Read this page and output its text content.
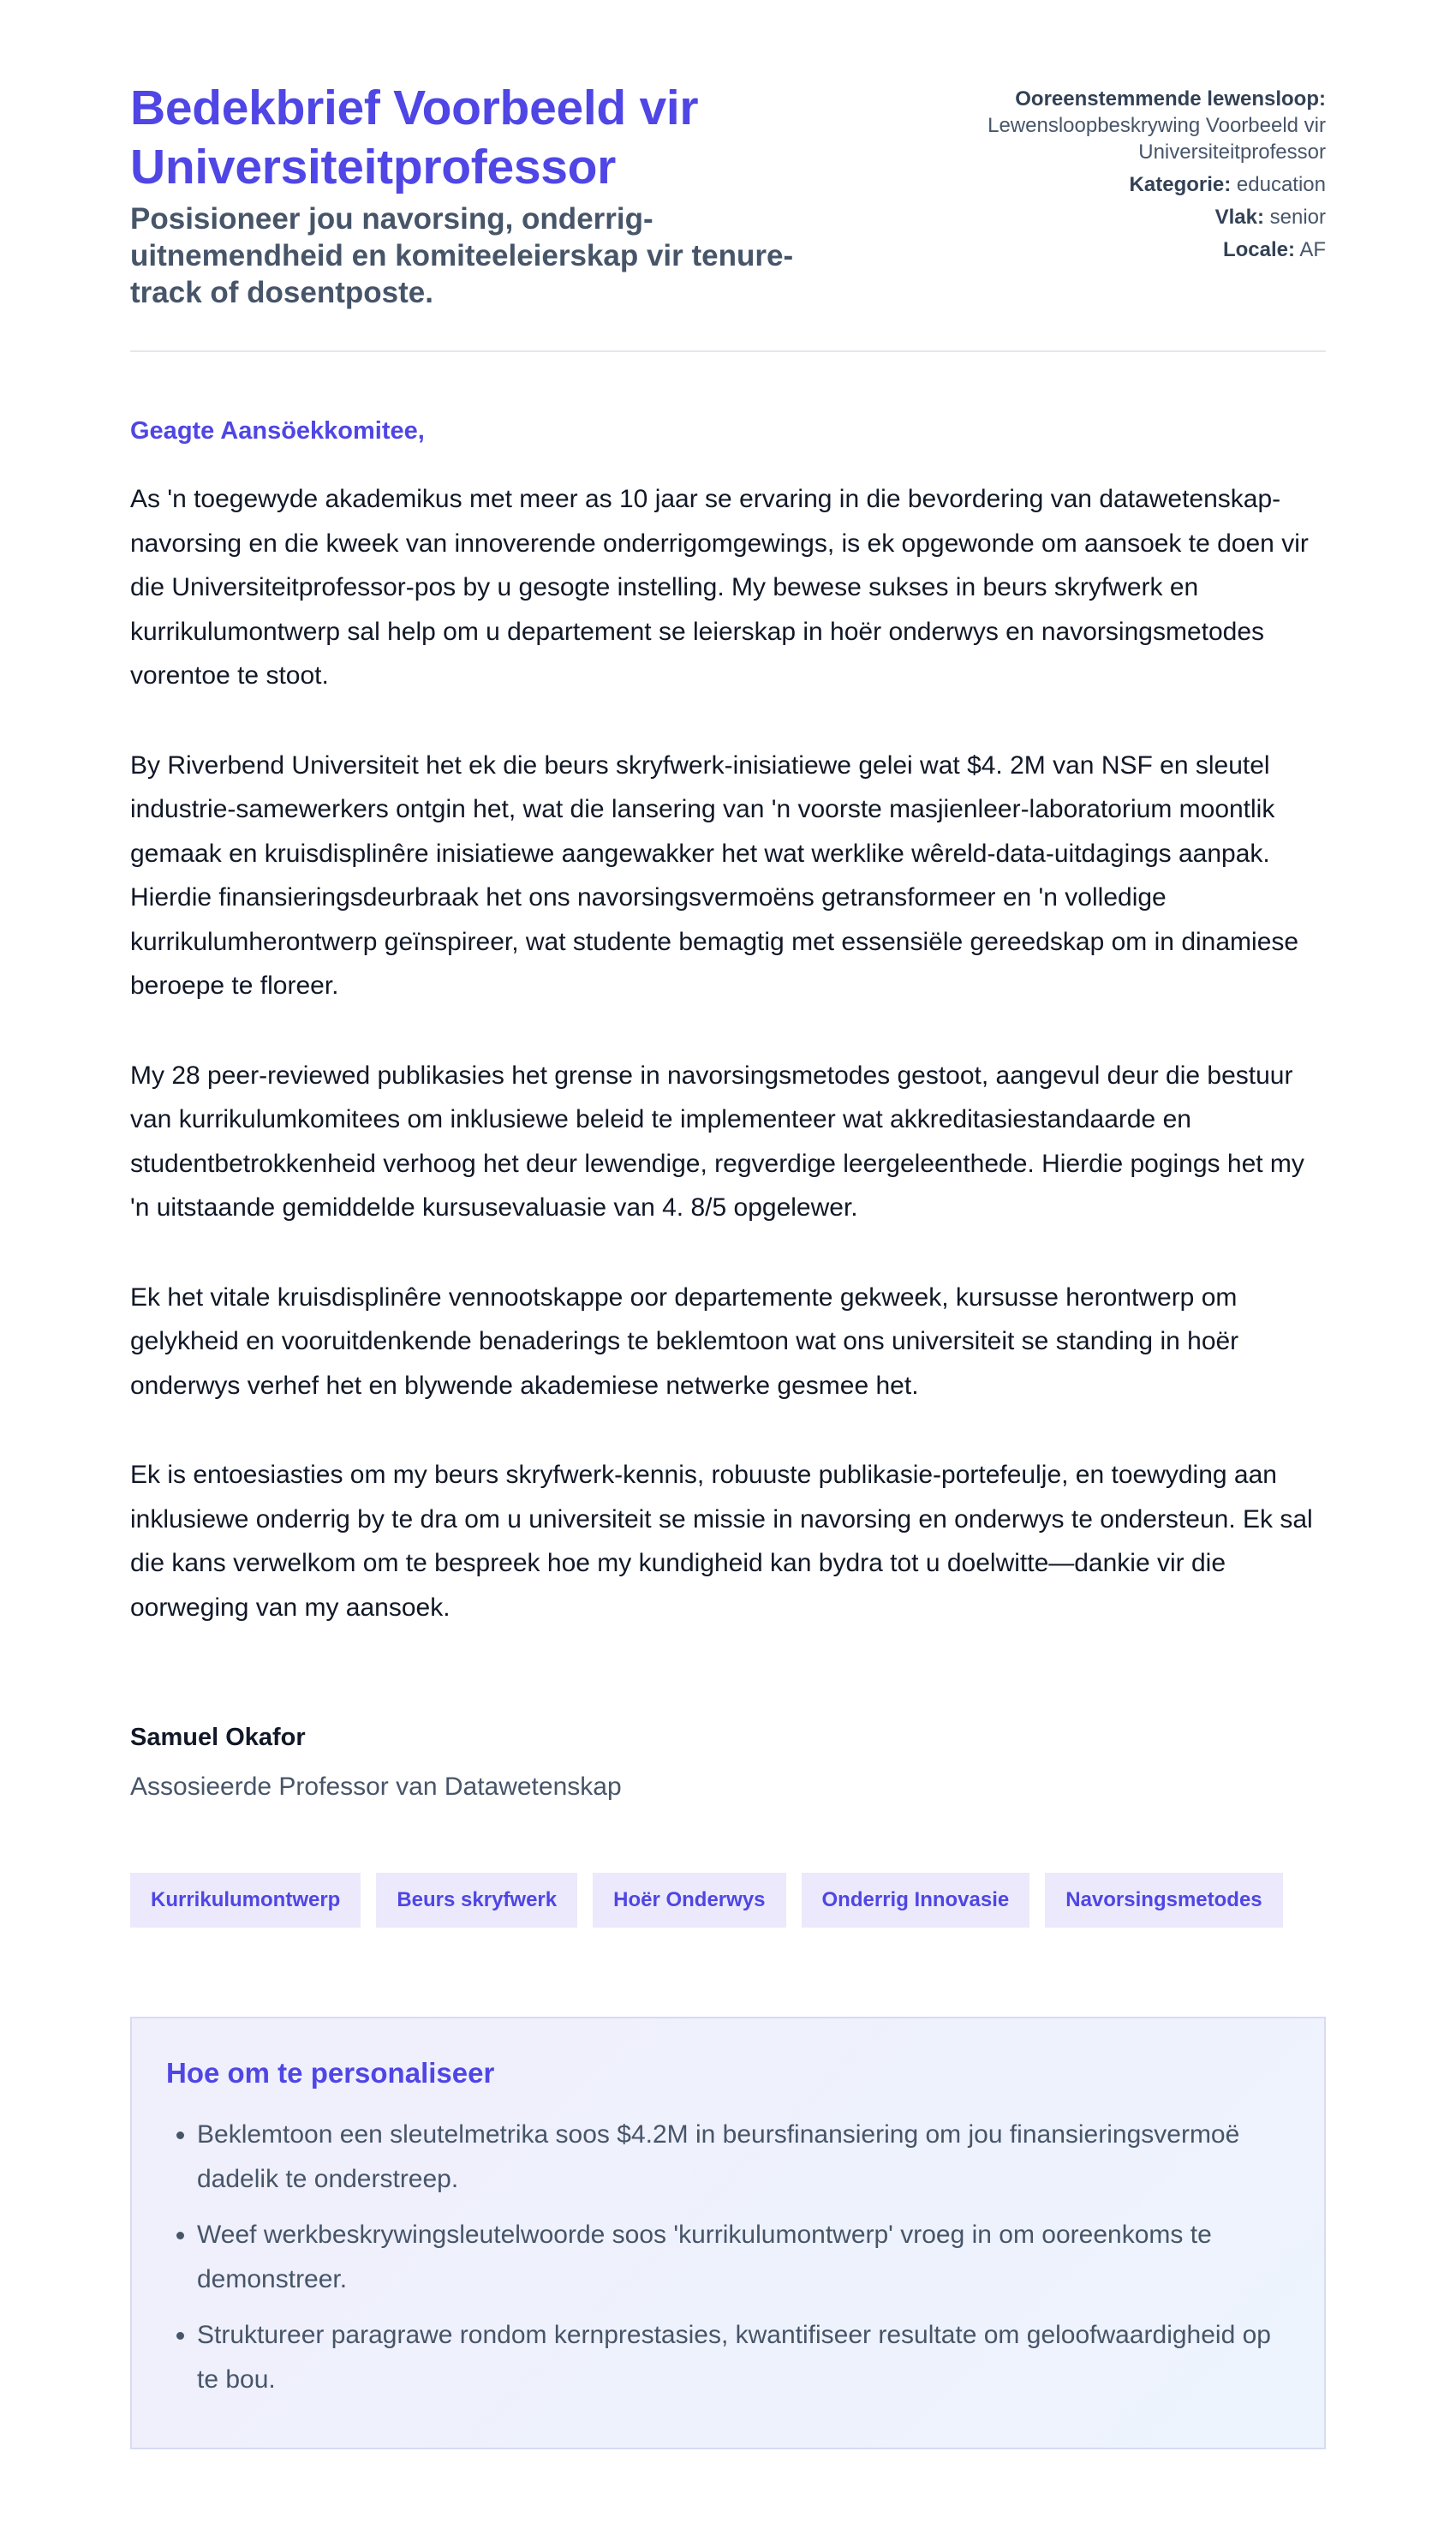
Bedekbrief Voorbeeld vir Universiteitprofessor
Posisioneer jou navorsing, onderrig-uitnemendheid en komiteeleierskap vir tenure-track of dosentposte.
Ooreenstemmende lewensloop:
Lewensloopbeskrywing Voorbeeld vir Universiteitprofessor
Kategorie: education
Vlak: senior
Locale: AF

Geagte Aansöekkomitee,

As 'n toegewyde akademikus met meer as 10 jaar se ervaring in die bevordering van datawetenskap-navorsing en die kweek van innoverende onderrigomgewings, is ek opgewonde om aansoek te doen vir die Universiteitprofessor-pos by u gesogte instelling. My bewese sukses in beurs skryfwerk en kurrikulumontwerp sal help om u departement se leierskap in hoër onderwys en navorsingsmetodes vorentoe te stoot.

By Riverbend Universiteit het ek die beurs skryfwerk-inisiatiewe gelei wat $4. 2M van NSF en sleutel industrie-samewerkers ontgin het, wat die lansering van 'n voorste masjienleer-laboratorium moontlik gemaak en kruisdisplinêre inisiatiewe aangewakker het wat werklike wêreld-data-uitdagings aanpak. Hierdie finansieringsdeurbraak het ons navorsingsvermoëns getransformeer en 'n volledige kurrikulumherontwerp geïnspireer, wat studente bemagtig met essensiële gereedskap om in dinamiese beroepe te floreer.

My 28 peer-reviewed publikasies het grense in navorsingsmetodes gestoot, aangevul deur die bestuur van kurrikulumkomitees om inklusiewe beleid te implementeer wat akkreditasiestandaarde en studentbetrokkenheid verhoog het deur lewendige, regverdige leergeleenthede. Hierdie pogings het my 'n uitstaande gemiddelde kursusevaluasie van 4. 8/5 opgelewer.

Ek het vitale kruisdisplinêre vennootskappe oor departemente gekweek, kursusse herontwerp om gelykheid en vooruitdenkende benaderings te beklemtoon wat ons universiteit se standing in hoër onderwys verhef het en blywende akademiese netwerke gesmee het.

Ek is entoesiasties om my beurs skryfwerk-kennis, robuuste publikasie-portefeulje, en toewyding aan inklusiewe onderrig by te dra om u universiteit se missie in navorsing en onderwys te ondersteun. Ek sal die kans verwelkom om te bespreek hoe my kundigheid kan bydra tot u doelwitte—dankie vir die oorweging van my aansoek.

Samuel Okafor
Assosieerde Professor van Datawetenskap
Kurrikulumontwerp	Beurs skryfwerk	Hoër Onderwys	Onderrig Innovasie	Navorsingsmetodes
Hoe om te personaliseer
• Beklemtoon een sleutelmetrika soos $4.2M in beursfinansiering om jou finansieringsvermoë dadelik te onderstreep.
• Weef werkbeskrywingsleutelwoorde soos 'kurrikulumontwerp' vroeg in om ooreenkoms te demonstreer.
• Struktureer paragrawe rondom kernprestasies, kwantifiseer resultate om geloofwaardigheid op te bou.
